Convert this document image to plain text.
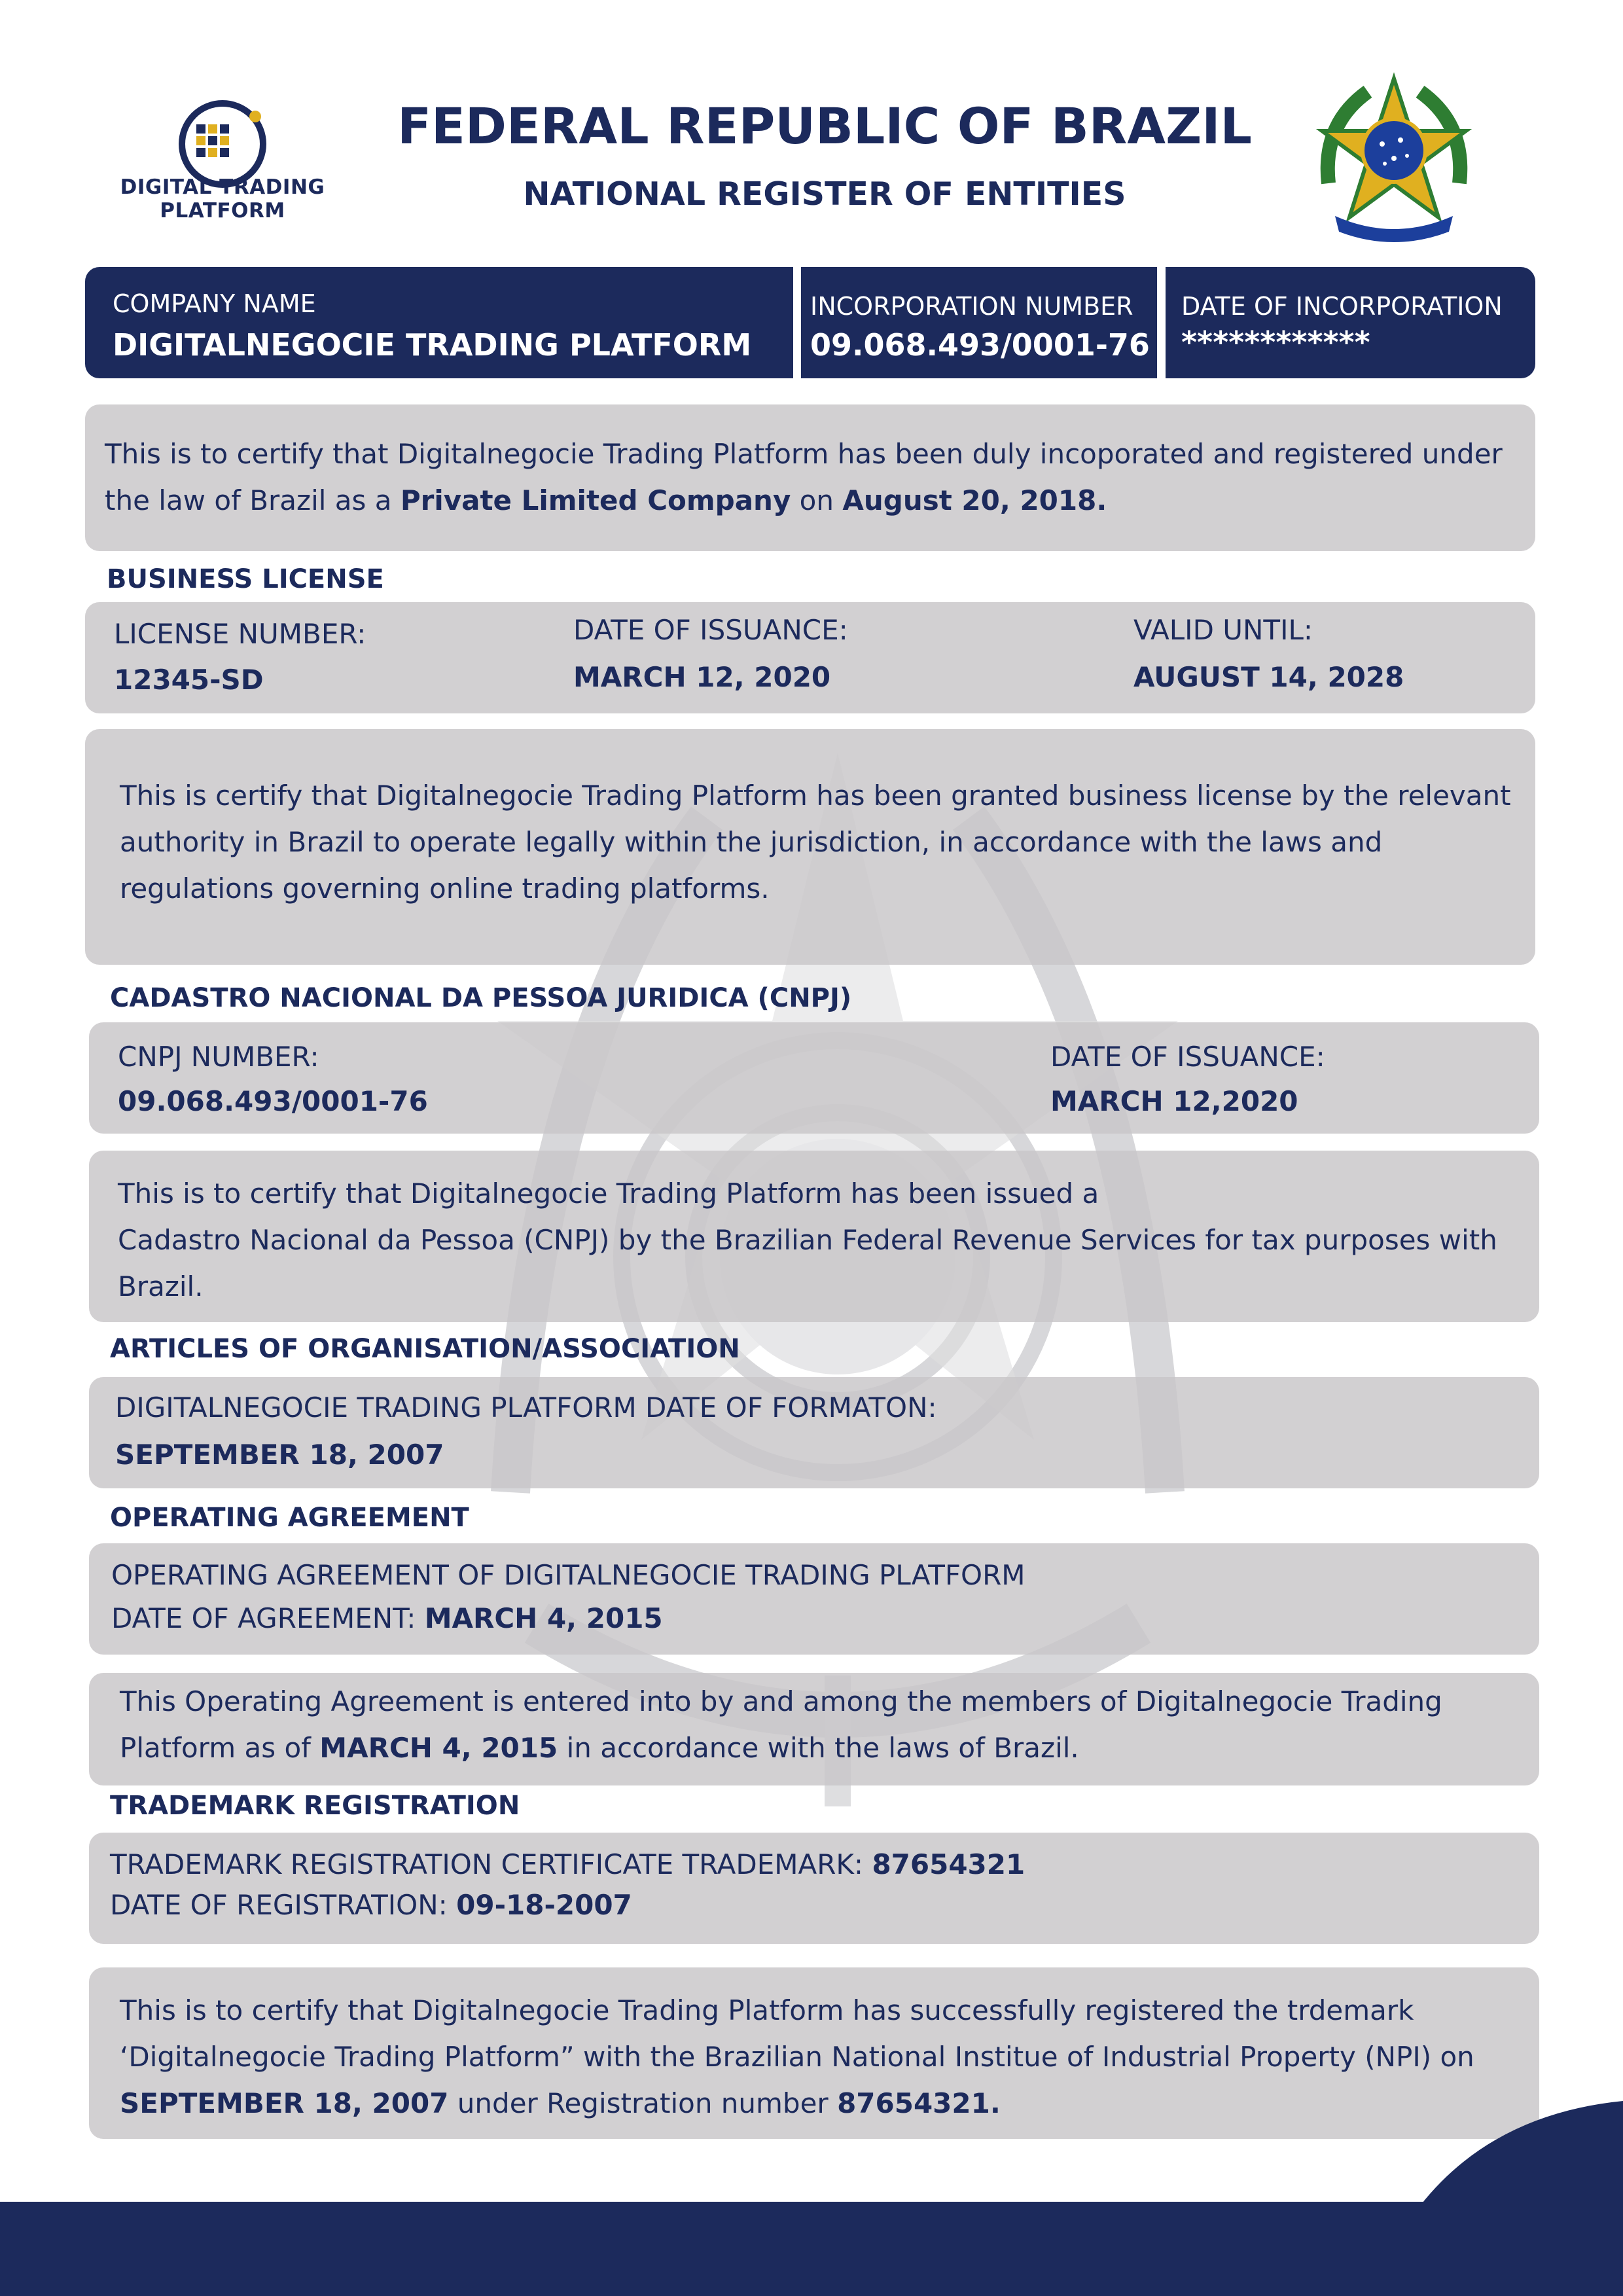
DIGITAL TRADING PLATFORM
FEDERAL REPUBLIC OF BRAZIL
NATIONAL REGISTER OF ENTITIES
COMPANY NAME
DIGITALNEGOCIE TRADING PLATFORM
INCORPORATION NUMBER
09.068.493/0001-76
DATE OF INCORPORATION
************
This is to certify that Digitalnegocie Trading Platform has been duly incoporated and registered under the law of Brazil as a Private Limited Company on August 20, 2018.
BUSINESS LICENSE
LICENSE NUMBER:
12345-SD
DATE OF ISSUANCE:
MARCH 12, 2020
VALID UNTIL:
AUGUST 14, 2028
This is certify that Digitalnegocie Trading Platform has been granted business license by the relevant authority in Brazil to operate legally within the jurisdiction, in accordance with the laws and regulations governing online trading platforms.
CADASTRO NACIONAL DA PESSOA JURIDICA (CNPJ)
CNPJ NUMBER:
09.068.493/0001-76
DATE OF ISSUANCE:
MARCH 12,2020
This is to certify that Digitalnegocie Trading Platform has been issued a
Cadastro Nacional da Pessoa (CNPJ) by the Brazilian Federal Revenue Services for tax purposes with Brazil.
ARTICLES OF ORGANISATION/ASSOCIATION
DIGITALNEGOCIE TRADING PLATFORM DATE OF FORMATON:
SEPTEMBER 18, 2007
OPERATING AGREEMENT
OPERATING AGREEMENT OF DIGITALNEGOCIE TRADING PLATFORM
DATE OF AGREEMENT: MARCH 4, 2015
This Operating Agreement is entered into by and among the members of Digitalnegocie Trading Platform as of MARCH 4, 2015 in accordance with the laws of Brazil.
TRADEMARK REGISTRATION
TRADEMARK REGISTRATION CERTIFICATE TRADEMARK: 87654321
DATE OF REGISTRATION: 09-18-2007
This is to certify that Digitalnegocie Trading Platform has successfully registered the trdemark ‘Digitalnegocie Trading Platform” with the Brazilian National Institue of Industrial Property (NPI) on SEPTEMBER 18, 2007 under Registration number 87654321.
